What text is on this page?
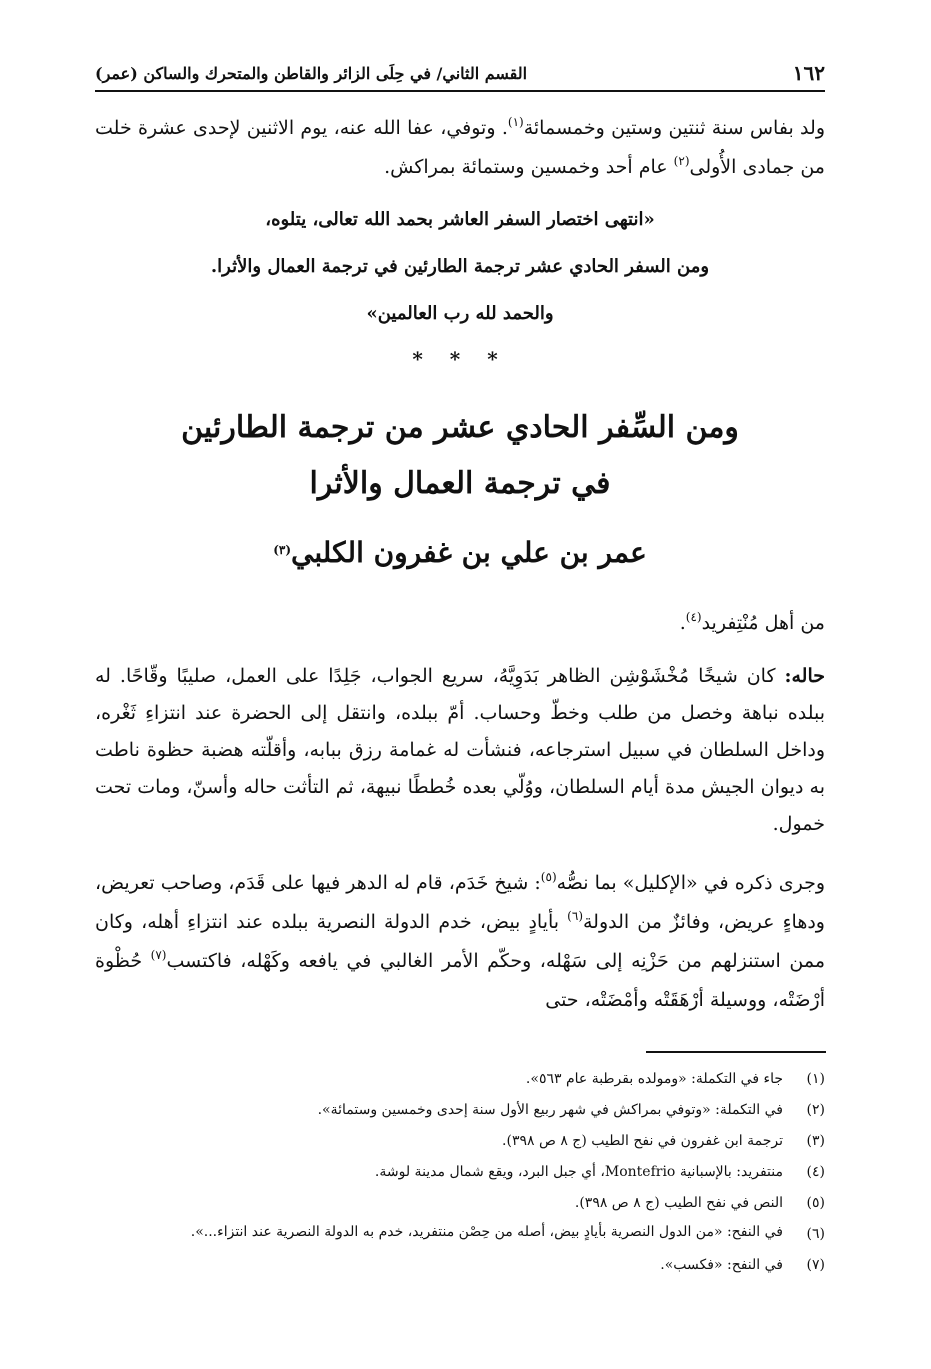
١٦٢
القسم الثاني/ في حِلَى الزائر والقاطن والمتحرك والساكن (عمر)

ولد بفاس سنة ثنتين وستين وخمسمائة$^{(١)}$. وتوفي، عفا الله عنه، يوم الاثنين لإحدى عشرة خلت من جمادى الأُولى$^{(٢)}$ عام أحد وخمسين وستمائة بمراكش.

«انتهى اختصار السفر العاشر بحمد الله تعالى، يتلوه،
ومن السفر الحادي عشر ترجمة الطارئين في ترجمة العمال والأثرا.
والحمد لله رب العالمين»
* * *
ومن السِّفر الحادي عشر من ترجمة الطارئين
في ترجمة العمال والأثرا
عمر بن علي بن غفرون الكلبي$^{(٣)}$

من أهل مُنْتِفريد$^{(٤)}$.

حاله: كان شيخًا مُخْشَوْشِن الظاهر بَدَوِيَّهُ، سريع الجواب، جَلِدًا على العمل، صليبًا وقّاحًا. له ببلده نباهة وخصل من طلب وخطّ وحساب. أمّ ببلده، وانتقل إلى الحضرة عند انتزاءِ ثَغْره، وداخل السلطان في سبيل استرجاعه، فنشأت له غمامة رزق ببابه، وأقلّته هضبة حظوة ناطت به ديوان الجيش مدة أيام السلطان، ووُلّي بعده خُططًا نبيهة، ثم التأثت حاله وأسنّ، ومات تحت خمول.

وجرى ذكره في «الإكليل» بما نصُّه$^{(٥)}$: شيخ خَدَم، قام له الدهر فيها على قَدَم، وصاحب تعريض، ودهاءٍ عريض، وفائزٌ من الدولة$^{(٦)}$ بأيادٍ بيض، خدم الدولة النصرية ببلده عند انتزاءِ أهله، وكان ممن استنزلهم من حَزْنِه إلى سَهْله، وحكّم الأمر الغالبي في يافعه وكَهْله، فاكتسب$^{(٧)}$ حُظْوة أرْضَتْه، ووسيلة أرْهَقَتْه وأمْضَتْه، حتى

(١)
جاء في التكملة: «ومولده بقرطبة عام ٥٦٣».
(٢)
في التكملة: «وتوفي بمراكش في شهر ربيع الأول سنة إحدى وخمسين وستمائة».
(٣)
ترجمة ابن غفرون في نفح الطيب (ج ٨ ص ٣٩٨).
(٤)
منتفريد: بالإسبانية Montefrio، أي جبل البرد، ويقع شمال مدينة لوشة.
(٥)
النص في نفح الطيب (ج ٨ ص ٣٩٨).
(٦)
في النفح: «من الدول النصرية بأيادٍ بيض، أصله من حِصْن منتفريد، خدم به الدولة النصرية عند انتزاء...».
(٧)
في النفح: «فكسب».
